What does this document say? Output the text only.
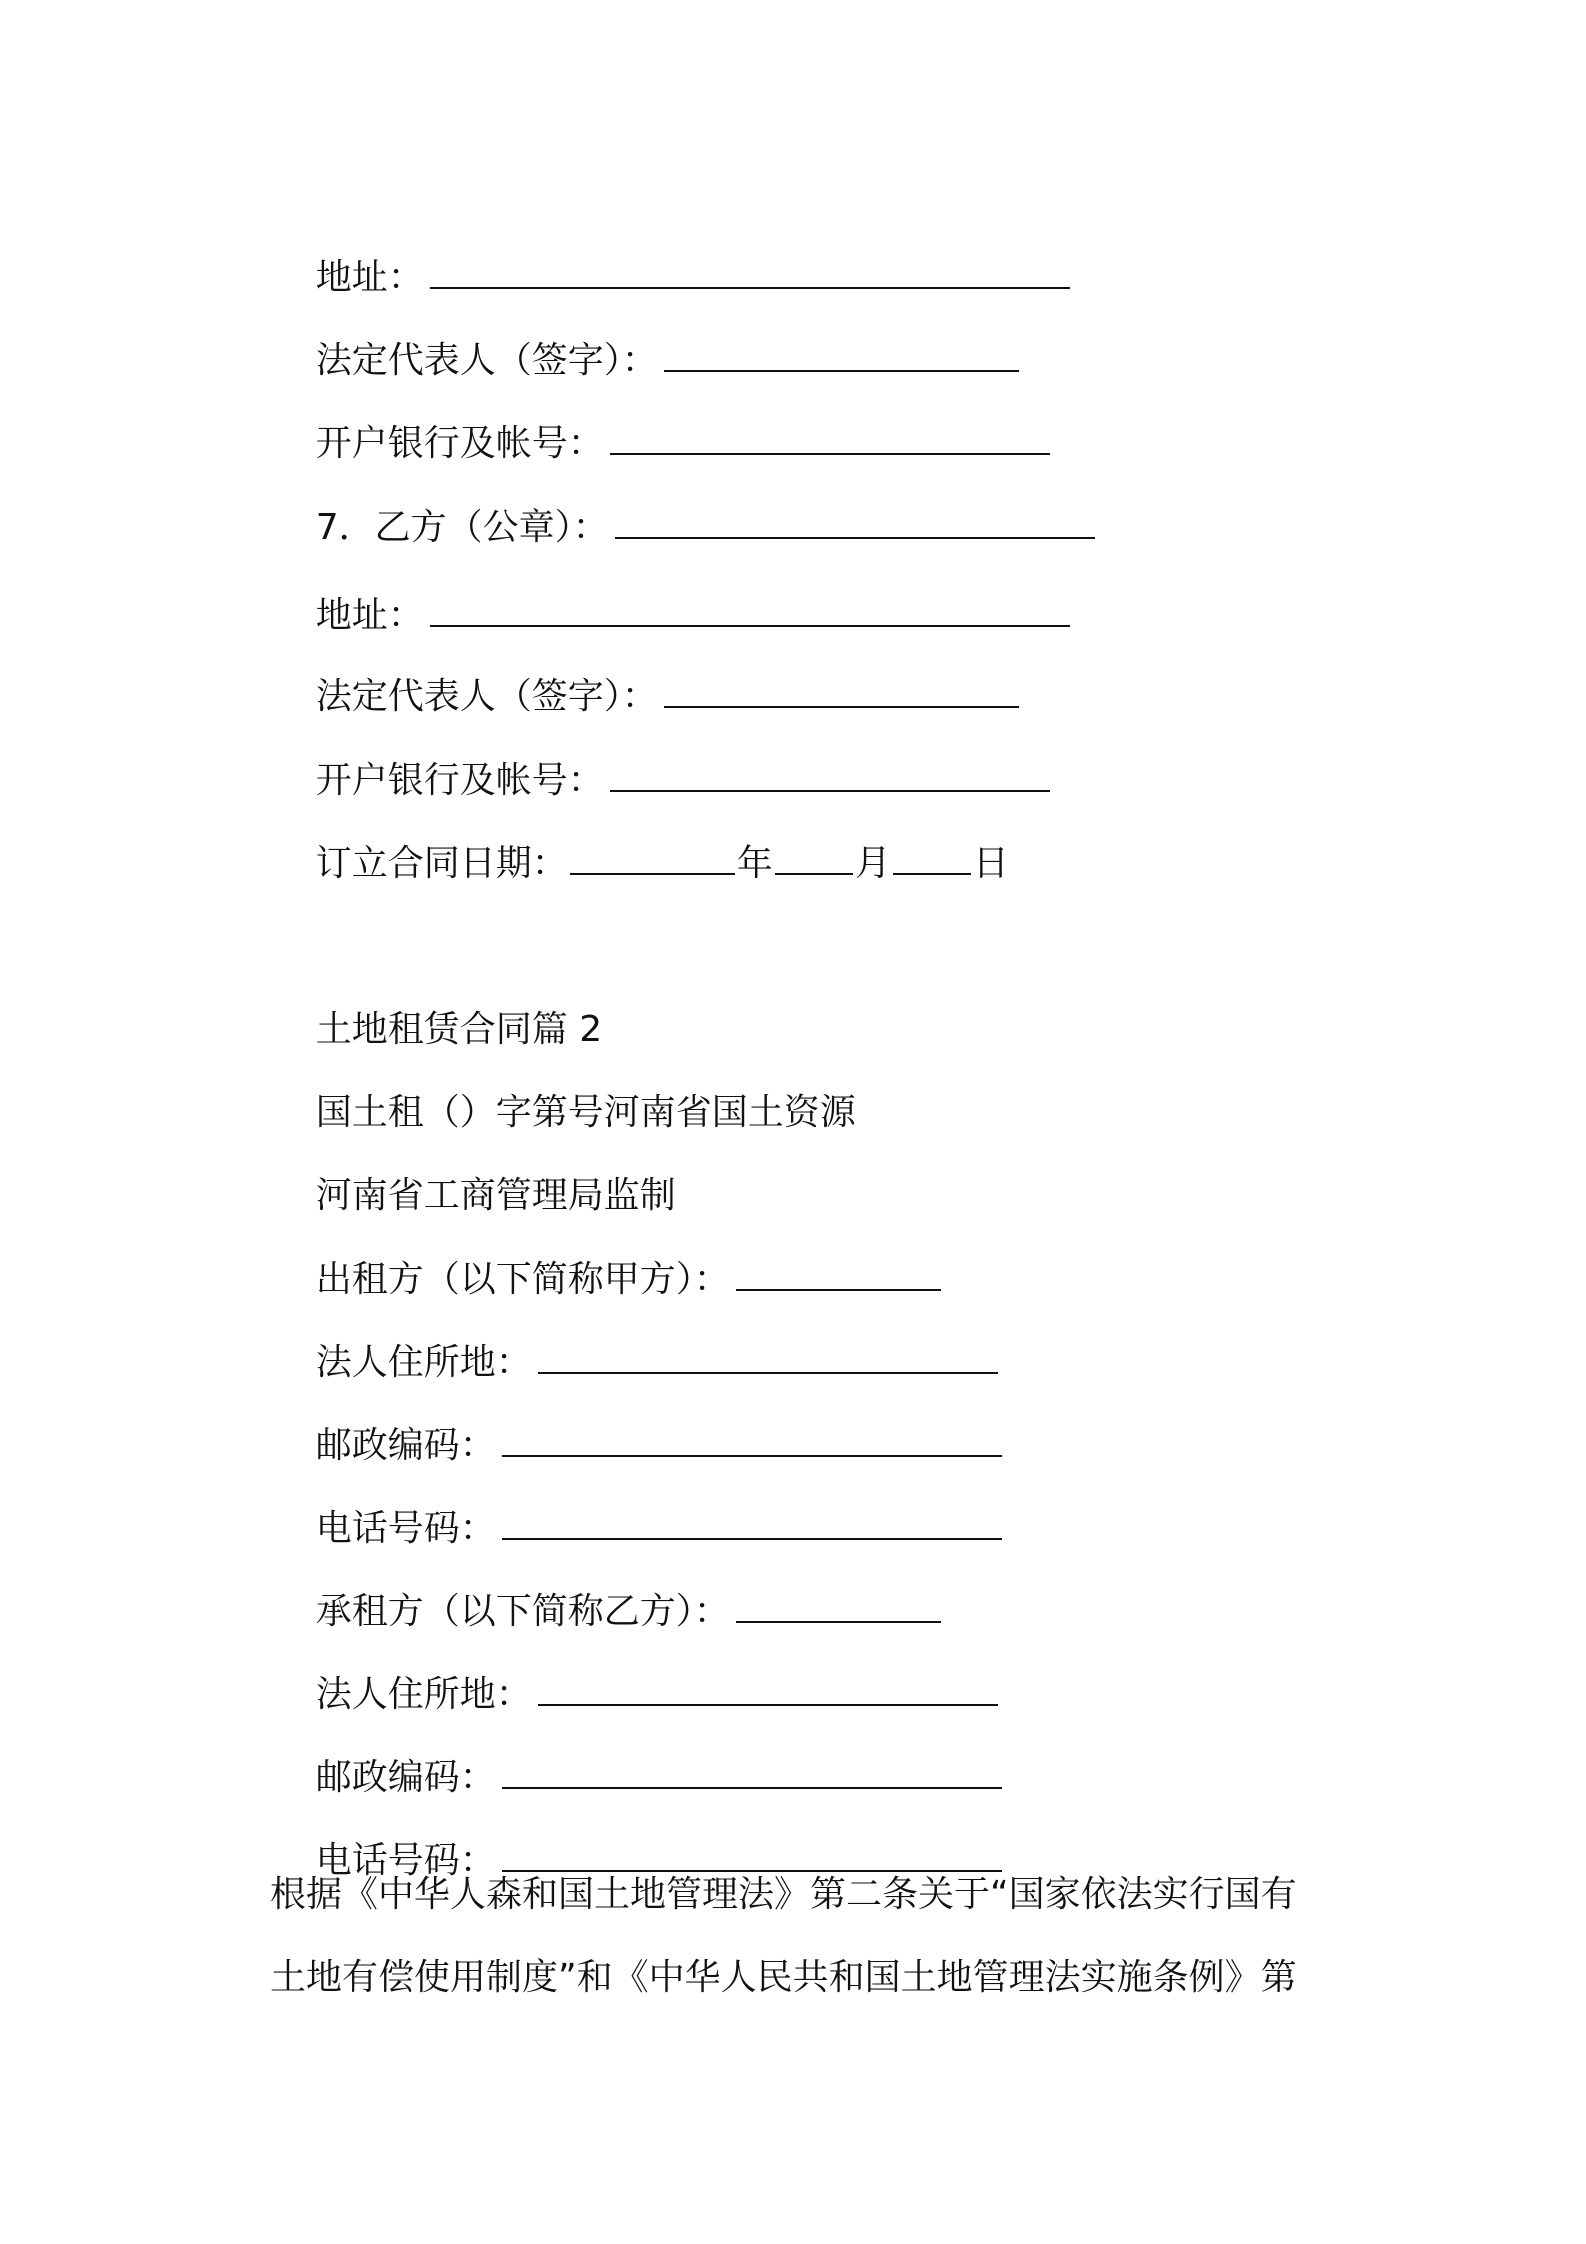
地址：

法定代表人（签字）：

开户银行及帐号：

7．乙方（公章）：

地址：

法定代表人（签字）：

开户银行及帐号：

订立合同日期：	年 月 日

土地租赁合同篇 2

国土租（）字第号河南省国土资源

河南省工商管理局监制

出租方（以下简称甲方）：

法人住所地：

邮政编码：

电话号码：

承租方（以下简称乙方）：

法人住所地：

邮政编码：

电话号码：

根据《中华人森和国土地管理法》第二条关于“国家依法实行国有
土地有偿使用制度”和《中华人民共和国土地管理法实施条例》第
